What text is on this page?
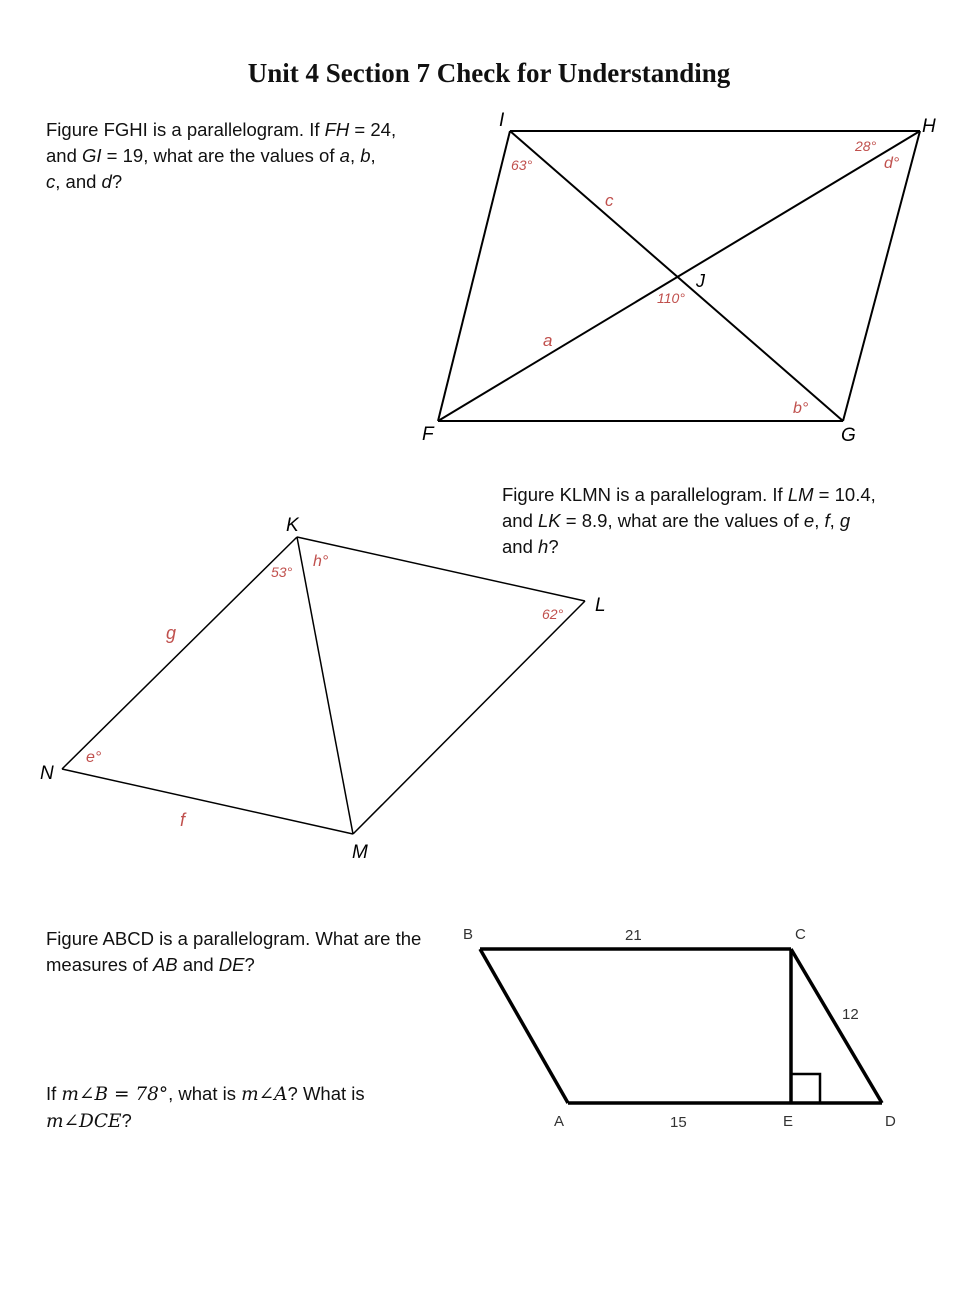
Unit 4 Section 7 Check for Understanding

Figure FGHI is a parallelogram. If FH = 24,
and GI = 19, what are the values of a, b,
c, and d?

Figure KLMN is a parallelogram. If LM = 10.4,
and LK = 8.9, what are the values of e, f, g
and h?

Figure ABCD is a parallelogram. What are the
measures of AB and DE?

If m∠B = 78°, what is m∠A? What is
m∠DCE?

I	H
F	G
J
63°
28°
d°
110°
b°
a
c
K
L
M
N
53°
h°
62°
e°
g
f
B	C
A	E	D
21
15
12
